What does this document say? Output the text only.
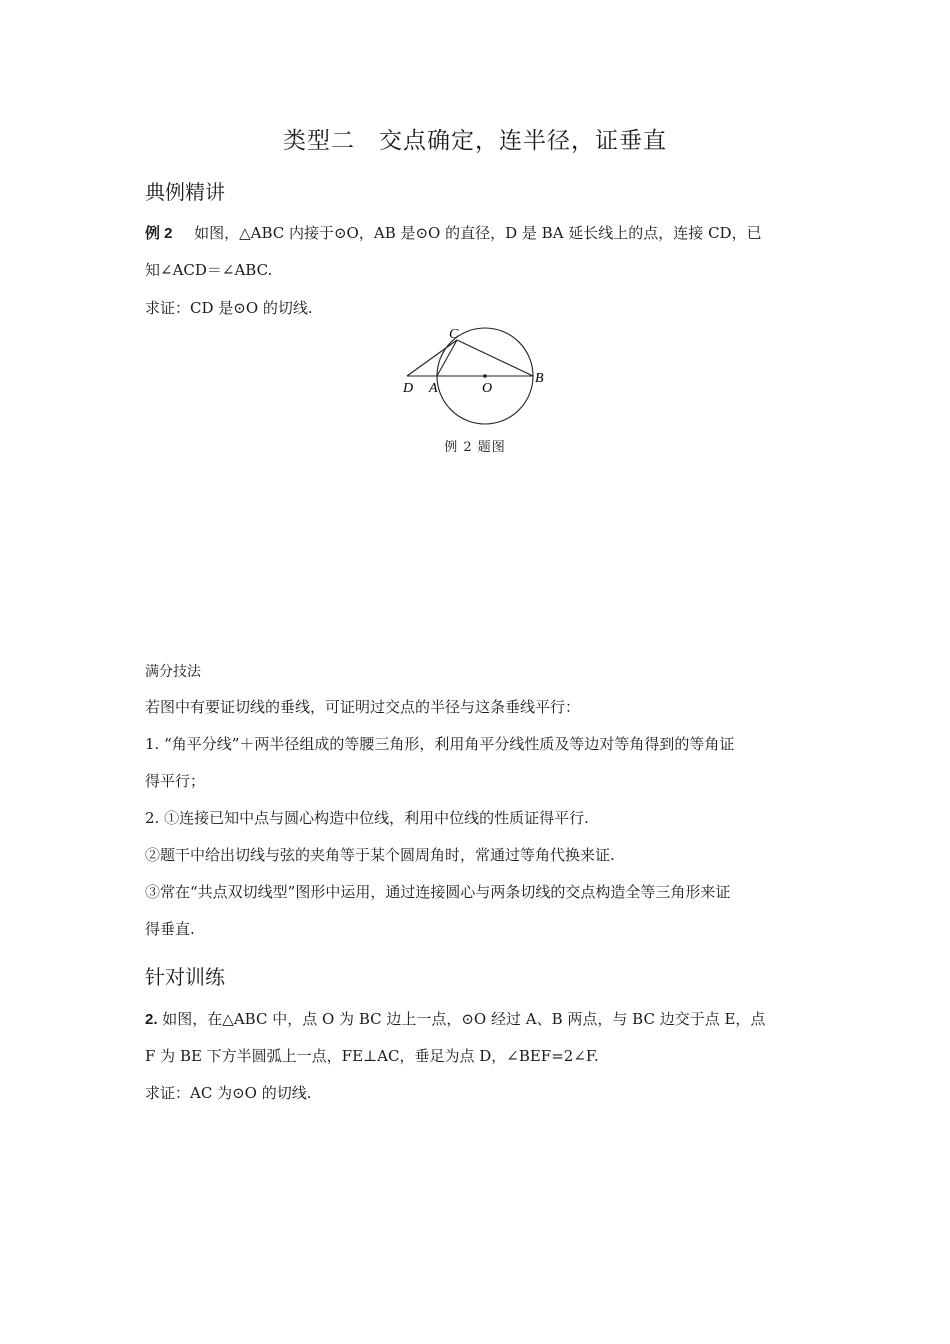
类型二　交点确定，连半径，证垂直
典例精讲
例 2 如图，△ABC 内接于⊙O，AB 是⊙O 的直径，D 是 BA 延长线上的点，连接 CD，已
知∠ACD＝∠ABC.
求证：CD 是⊙O 的切线.
C
D A	O
B
例 2 题图
满分技法
若图中有要证切线的垂线，可证明过交点的半径与这条垂线平行：
1. “角平分线”＋两半径组成的等腰三角形，利用角平分线性质及等边对等角得到的等角证
得平行；
2. ①连接已知中点与圆心构造中位线，利用中位线的性质证得平行.
②题干中给出切线与弦的夹角等于某个圆周角时，常通过等角代换来证.
③常在“共点双切线型”图形中运用，通过连接圆心与两条切线的交点构造全等三角形来证
得垂直.
针对训练
2. 如图，在△ABC 中，点 O 为 BC 边上一点，⊙O 经过 A、B 两点，与 BC 边交于点 E，点
F 为 BE 下方半圆弧上一点，FE⊥AC，垂足为点 D，∠BEF=2∠F.
求证：AC 为⊙O 的切线.
